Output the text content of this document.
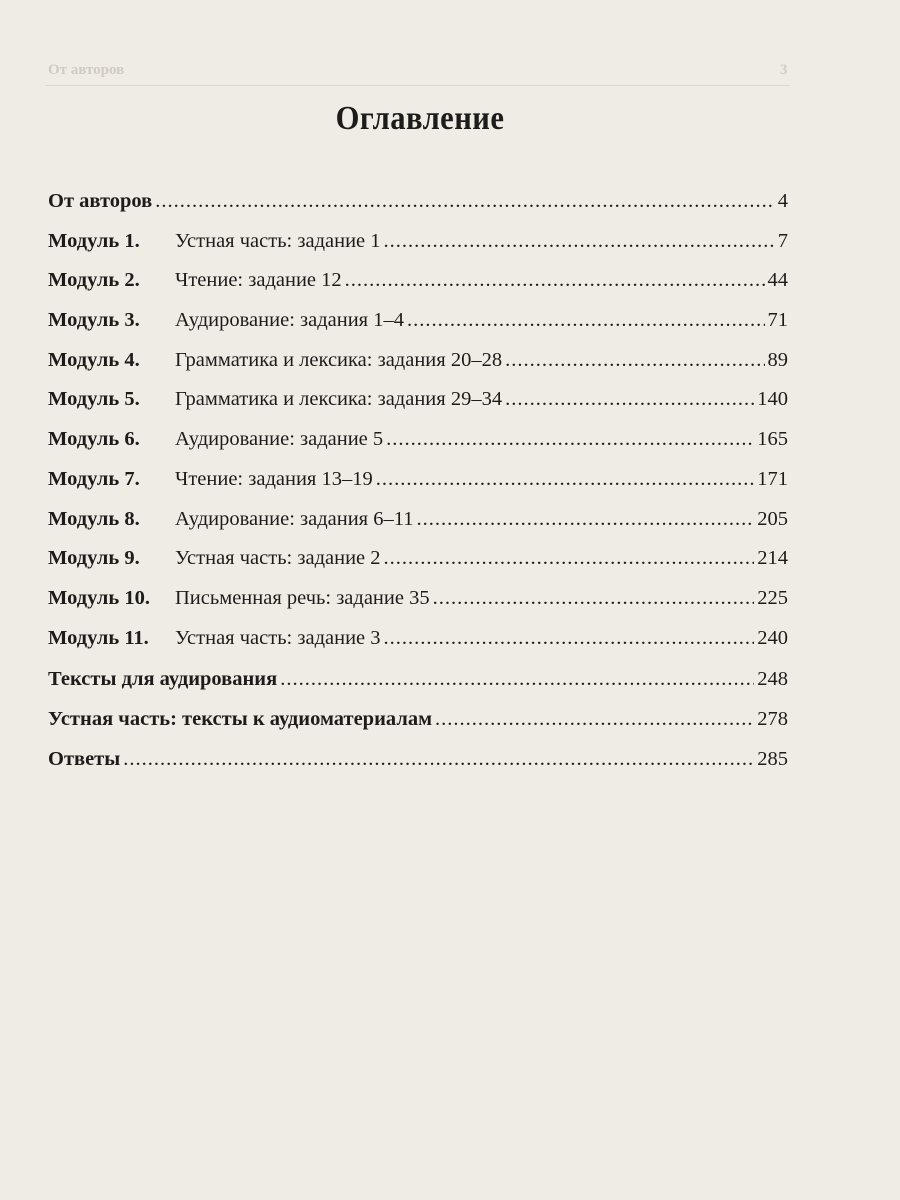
От авторов	3
Оглавление
От авторов .....	4
Модуль 1.	Устная часть: задание 1 .....	7
Модуль 2.	Чтение: задание 12 .....	44
Модуль 3.	Аудирование: задания 1–4 .....	71
Модуль 4.	Грамматика и лексика: задания 20–28 .....	89
Модуль 5.	Грамматика и лексика: задания 29–34 .....	140
Модуль 6.	Аудирование: задание 5 .....	165
Модуль 7.	Чтение: задания 13–19 .....	171
Модуль 8.	Аудирование: задания 6–11 .....	205
Модуль 9.	Устная часть: задание 2 .....	214
Модуль 10.	Письменная речь: задание 35 .....	225
Модуль 11.	Устная часть: задание 3 .....	240
Тексты для аудирования .....	248
Устная часть: тексты к аудиоматериалам .....	278
Ответы .....	285
